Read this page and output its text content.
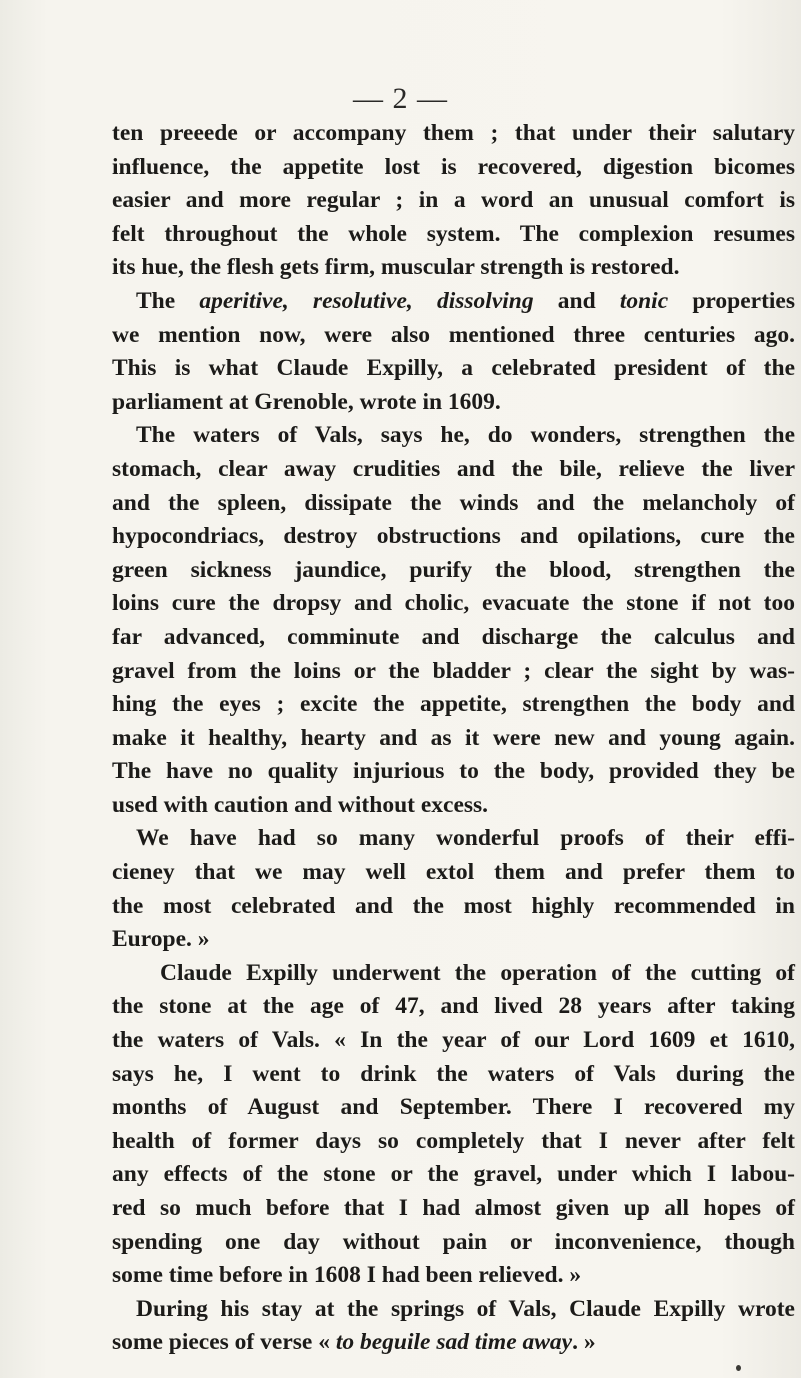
— 2 —
ten preeede or accompany them ; that under their salutary
influence, the appetite lost is recovered, digestion bicomes
easier and more regular ; in a word an unusual comfort is
felt throughout the whole system. The complexion resumes
its hue, the flesh gets firm, muscular strength is restored.
The aperitive, resolutive, dissolving and tonic properties
we mention now, were also mentioned three centuries ago.
This is what Claude Expilly, a celebrated president of the
parliament at Grenoble, wrote in 1609.
The waters of Vals, says he, do wonders, strengthen the
stomach, clear away crudities and the bile, relieve the liver
and the spleen, dissipate the winds and the melancholy of
hypocondriacs, destroy obstructions and opilations, cure the
green sickness jaundice, purify the blood, strengthen the
loins cure the dropsy and cholic, evacuate the stone if not too
far advanced, comminute and discharge the calculus and
gravel from the loins or the bladder ; clear the sight by was-
hing the eyes ; excite the appetite, strengthen the body and
make it healthy, hearty and as it were new and young again.
The have no quality injurious to the body, provided they be
used with caution and without excess.
We have had so many wonderful proofs of their effi-
cieney that we may well extol them and prefer them to
the most celebrated and the most highly recommended in
Europe. »
Claude Expilly underwent the operation of the cutting of
the stone at the age of 47, and lived 28 years after taking
the waters of Vals. « In the year of our Lord 1609 et 1610,
says he, I went to drink the waters of Vals during the
months of August and September. There I recovered my
health of former days so completely that I never after felt
any effects of the stone or the gravel, under which I labou-
red so much before that I had almost given up all hopes of
spending one day without pain or inconvenience, though
some time before in 1608 I had been relieved. »
During his stay at the springs of Vals, Claude Expilly wrote
some pieces of verse « to beguile sad time away. »
